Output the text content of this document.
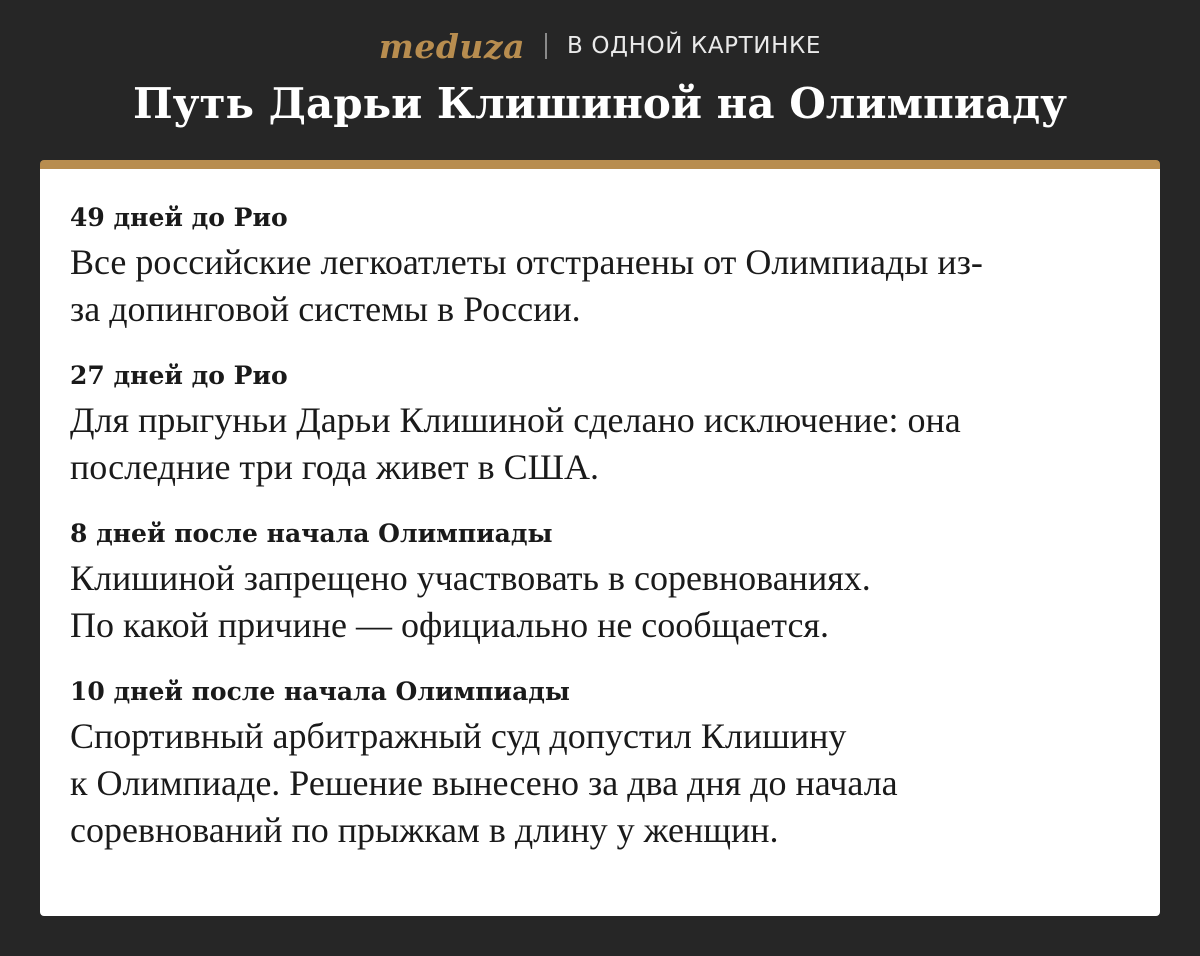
meduza В ОДНОЙ КАРТИНКЕ
Путь Дарьи Клишиной на Олимпиаду
49 дней до Рио
Все российские легкоатлеты отстранены от Олимпиады из-
за допинговой системы в России.
27 дней до Рио
Для прыгуньи Дарьи Клишиной сделано исключение: она
последние три года живет в США.
8 дней после начала Олимпиады
Клишиной запрещено участвовать в соревнованиях.
По какой причине — официально не сообщается.
10 дней после начала Олимпиады
Спортивный арбитражный суд допустил Клишину
к Олимпиаде. Решение вынесено за два дня до начала
соревнований по прыжкам в длину у женщин.
